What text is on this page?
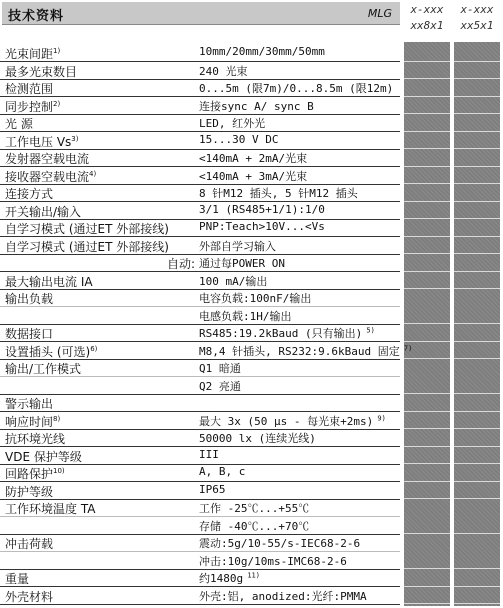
技术资料	MLG	x-xxx
xx8x1
x-xxx
xx5x1
光束间距$^{1)}$	10mm/20mm/30mm/50mm
最多光束数目	240 光束
检测范围	0...5m (限7m)/0...8.5m (限12m)
同步控制$^{2)}$	连接sync A/ sync B
光 源	LED, 红外光
工作电压 Vs$^{3)}$	15...30 V DC
发射器空载电流	<140mA + 2mA/光束
接收器空载电流$^{4)}$	<140mA + 3mA/光束
连接方式	8 针M12 插头, 5 针M12 插头
开关输出/输入	3/1 (RS485+1/1):1/0
自学习模式 (通过ET 外部接线)	PNP:Teach>10V...<Vs
自学习模式 (通过ET 外部接线)	外部自学习输入
自动: 通过每POWER ON
最大输出电流 IA	100 mA/输出
输出负载	电容负载:100nF/输出
电感负载:1H/输出
数据接口	RS485:19.2kBaud (只有输出) $^{5)}$
设置插头 (可选)$^{6)}$	M8,4 针插头, RS232:9.6kBaud 固定 $^{7)}$
输出/工作模式	Q1 暗通
Q2 亮通
警示输出
响应时间$^{8)}$	最大 3x (50 µs - 每光束+2ms) $^{9)}$
抗环境光线	50000 lx (连续光线)
VDE 保护等级	III
回路保护$^{10)}$	A, B, c
防护等级	IP65
工作环境温度 TA	工作 -25℃...+55℃
存储 -40℃...+70℃
冲击荷载	震动:5g/10-55/s-IEC68-2-6
冲击:10g/10ms-IMC68-2-6
重量	约1480g $^{11)}$
外壳材料	外壳:铝, anodized:光纤:PMMA
